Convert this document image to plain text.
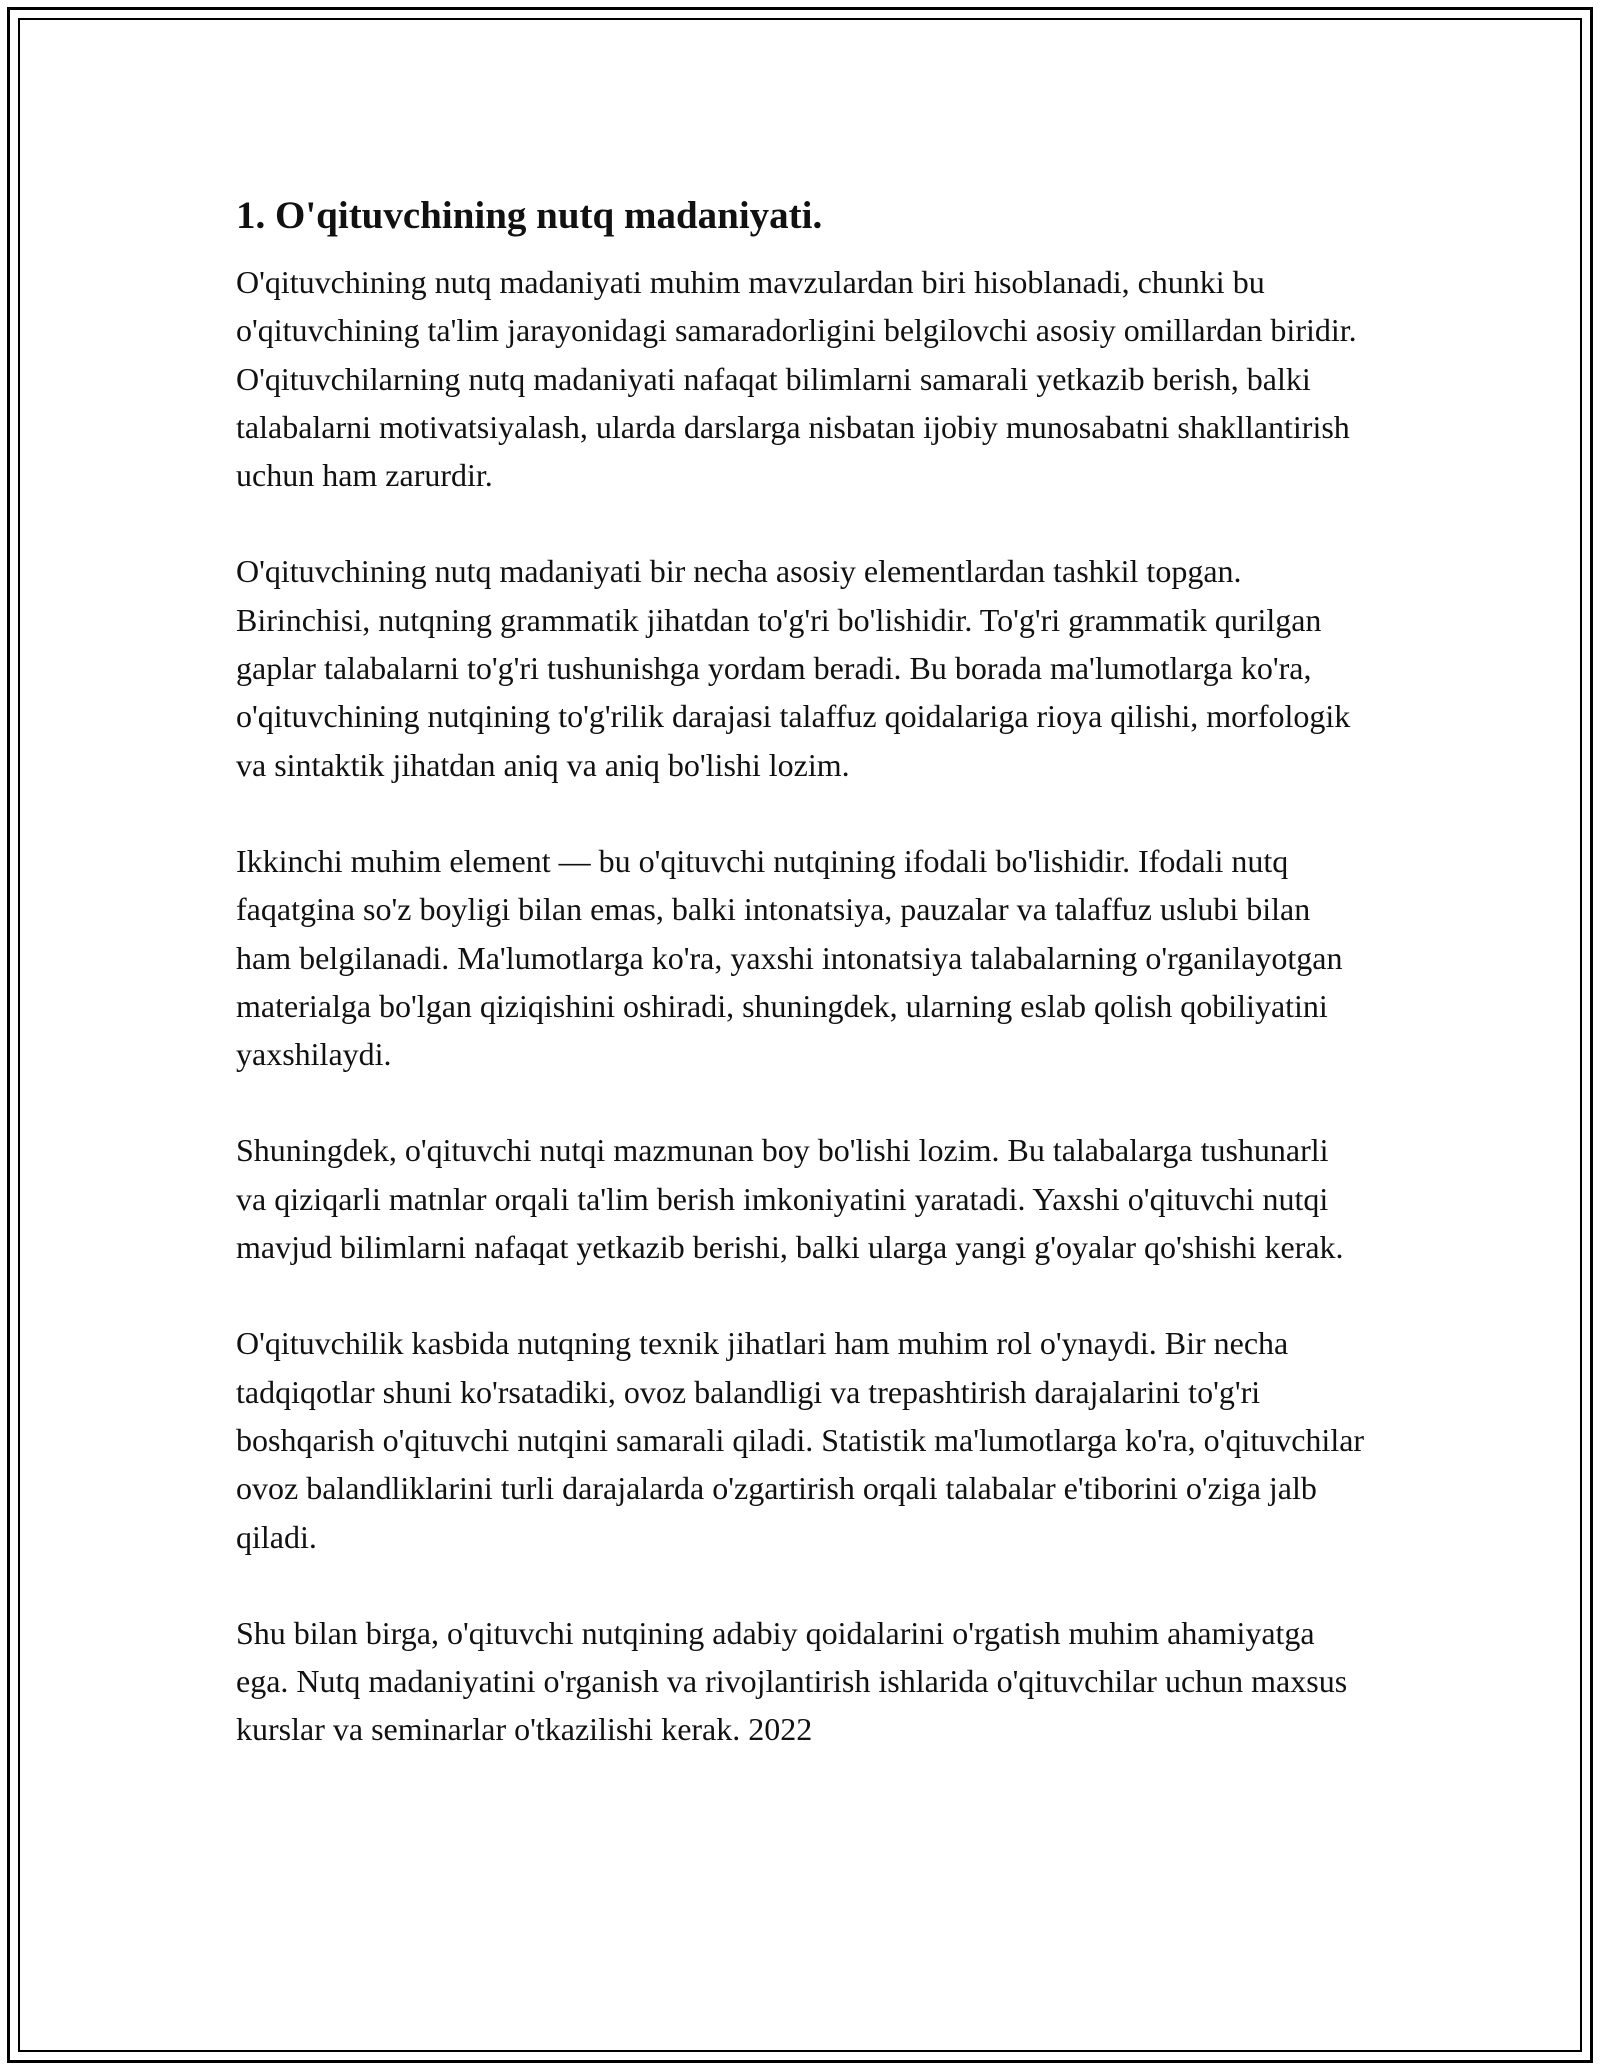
1. O'qituvchining nutq madaniyati.

O'qituvchining nutq madaniyati muhim mavzulardan biri hisoblanadi, chunki bu o'qituvchining ta'lim jarayonidagi samaradorligini belgilovchi asosiy omillardan biridir. O'qituvchilarning nutq madaniyati nafaqat bilimlarni samarali yetkazib berish, balki talabalarni motivatsiyalash, ularda darslarga nisbatan ijobiy munosabatni shakllantirish uchun ham zarurdir.

O'qituvchining nutq madaniyati bir necha asosiy elementlardan tashkil topgan. Birinchisi, nutqning grammatik jihatdan to'g'ri bo'lishidir. To'g'ri grammatik qurilgan gaplar talabalarni to'g'ri tushunishga yordam beradi. Bu borada ma'lumotlarga ko'ra, o'qituvchining nutqining to'g'rilik darajasi talaffuz qoidalariga rioya qilishi, morfologik va sintaktik jihatdan aniq va aniq bo'lishi lozim.

Ikkinchi muhim element — bu o'qituvchi nutqining ifodali bo'lishidir. Ifodali nutq faqatgina so'z boyligi bilan emas, balki intonatsiya, pauzalar va talaffuz uslubi bilan ham belgilanadi. Ma'lumotlarga ko'ra, yaxshi intonatsiya talabalarning o'rganilayotgan materialga bo'lgan qiziqishini oshiradi, shuningdek, ularning eslab qolish qobiliyatini yaxshilaydi.

Shuningdek, o'qituvchi nutqi mazmunan boy bo'lishi lozim. Bu talabalarga tushunarli va qiziqarli matnlar orqali ta'lim berish imkoniyatini yaratadi. Yaxshi o'qituvchi nutqi mavjud bilimlarni nafaqat yetkazib berishi, balki ularga yangi g'oyalar qo'shishi kerak.

O'qituvchilik kasbida nutqning texnik jihatlari ham muhim rol o'ynaydi. Bir necha tadqiqotlar shuni ko'rsatadiki, ovoz balandligi va trepashtirish darajalarini to'g'ri boshqarish o'qituvchi nutqini samarali qiladi. Statistik ma'lumotlarga ko'ra, o'qituvchilar ovoz balandliklarini turli darajalarda o'zgartirish orqali talabalar e'tiborini o'ziga jalb qiladi.

Shu bilan birga, o'qituvchi nutqining adabiy qoidalarini o'rgatish muhim ahamiyatga ega. Nutq madaniyatini o'rganish va rivojlantirish ishlarida o'qituvchilar uchun maxsus kurslar va seminarlar o'tkazilishi kerak. 2022
